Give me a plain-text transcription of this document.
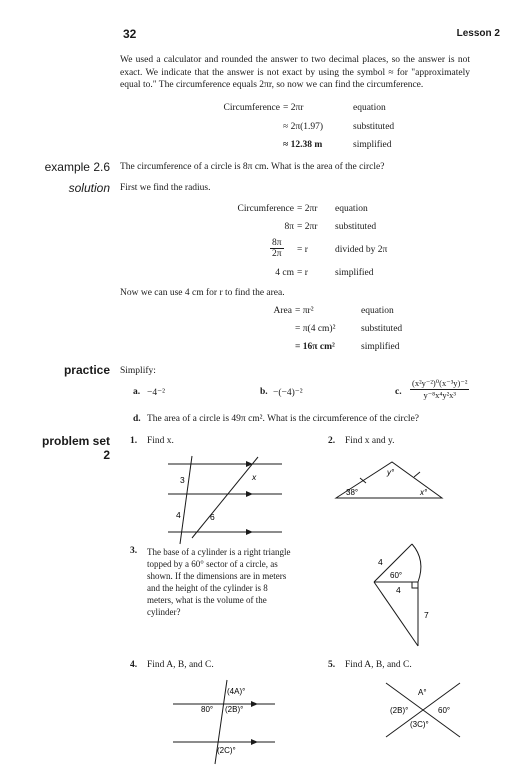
32	Lesson 2
We used a calculator and rounded the answer to two decimal places, so the answer is not exact. We indicate that the answer is not exact by using the symbol ≈ for "approximately equal to." The circumference equals 2πr, so now we can find the circumference.
Circumference = 2πr	equation
≈ 2π(1.97)	substituted
≈ 12.38 m	simplified
example 2.6 The circumference of a circle is 8π cm. What is the area of the circle?
solution First we find the radius.
Circumference = 2πr equation
8π = 2πr substituted
$\frac{8\pi}{2\pi} = r$	divided by 2π
4 cm = r	simplified
Now we can use 4 cm for r to find the area.
Area = πr²	equation
= π(4 cm)²	substituted
= 16π cm²	simplified
practice Simplify:
a. −4⁻²	b. −(−4)⁻²	c. $\frac{\text{(x²y⁻²)⁰(x⁻³y)⁻²}}{\text{y⁻⁸x⁴y²x³}}$
d. The area of a circle is 49π cm². What is the circumference of the circle?
problem set
2
1. Find x.
3	x
4	6
2. Find x and y.
y°
38°	x°
3. The base of a cylinder is a right triangle
topped by a 60° sector of a circle, as
shown. If the dimensions are in meters
and the height of the cylinder is 8
meters, what is the volume of the
cylinder?
4
60°
4
7
4. Find A, B, and C.
(4A)°
80° (2B)°
(2C)°
5. Find A, B, and C.
A°
(2B)°	60°
(3C)°
